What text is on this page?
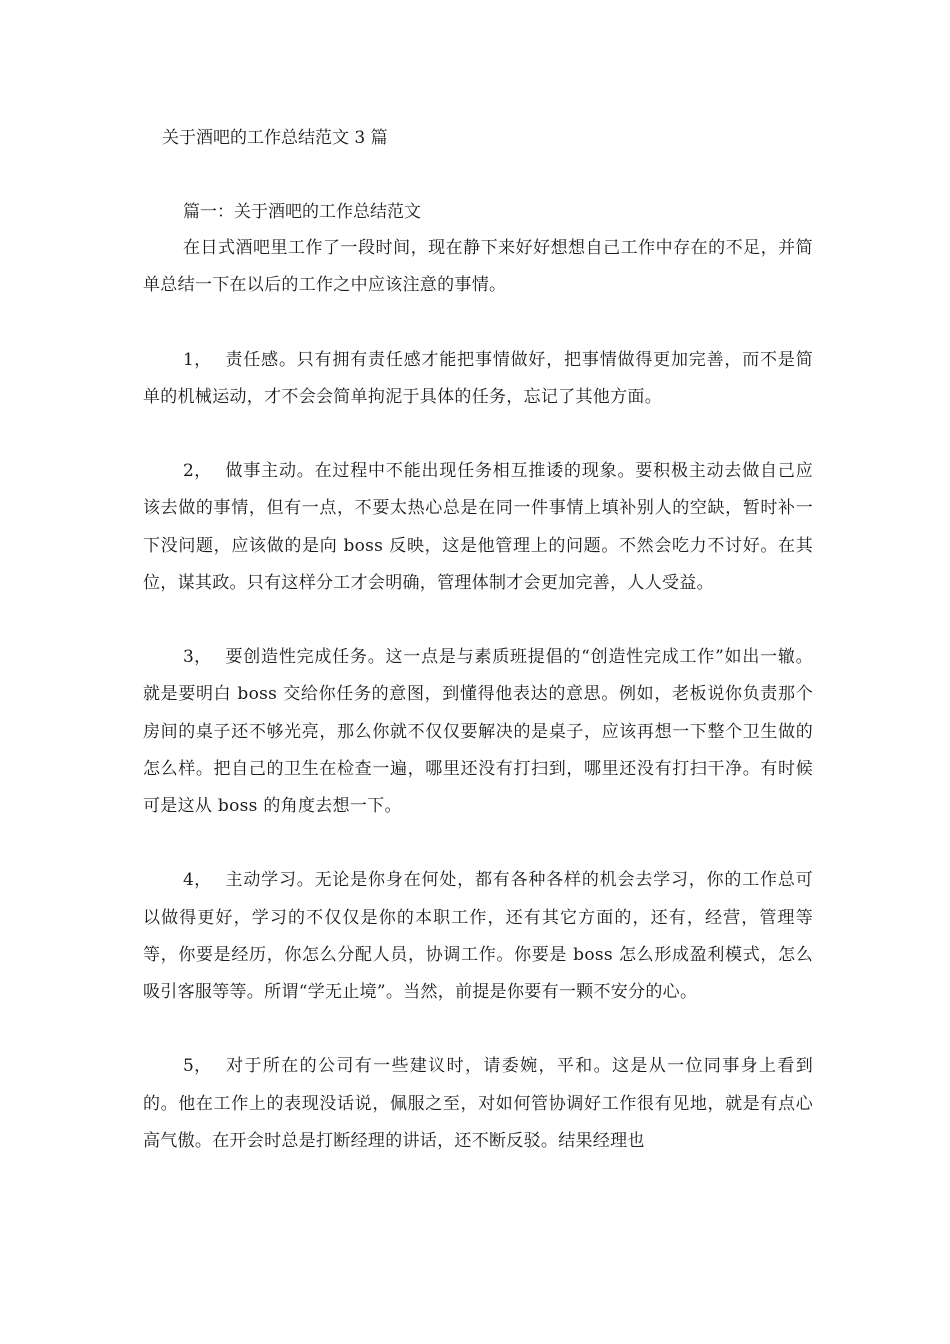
关于酒吧的工作总结范文 3 篇
篇一：关于酒吧的工作总结范文

在日式酒吧里工作了一段时间，现在静下来好好想想自己工作中存在的不足，并简单总结一下在以后的工作之中应该注意的事情。

1， 责任感。只有拥有责任感才能把事情做好，把事情做得更加完善，而不是简单的机械运动，才不会会简单拘泥于具体的任务，忘记了其他方面。

2， 做事主动。在过程中不能出现任务相互推诿的现象。要积极主动去做自己应该去做的事情，但有一点，不要太热心总是在同一件事情上填补别人的空缺，暂时补一下没问题，应该做的是向 boss 反映，这是他管理上的问题。不然会吃力不讨好。在其位，谋其政。只有这样分工才会明确，管理体制才会更加完善，人人受益。

3， 要创造性完成任务。这一点是与素质班提倡的“创造性完成工作”如出一辙。就是要明白 boss 交给你任务的意图，到懂得他表达的意思。例如，老板说你负责那个房间的桌子还不够光亮，那么你就不仅仅要解决的是桌子，应该再想一下整个卫生做的怎么样。把自己的卫生在检查一遍，哪里还没有打扫到，哪里还没有打扫干净。有时候可是这从 boss 的角度去想一下。

4， 主动学习。无论是你身在何处，都有各种各样的机会去学习，你的工作总可以做得更好，学习的不仅仅是你的本职工作，还有其它方面的，还有，经营，管理等等，你要是经历，你怎么分配人员，协调工作。你要是 boss 怎么形成盈利模式，怎么吸引客服等等。所谓“学无止境”。当然，前提是你要有一颗不安分的心。

5， 对于所在的公司有一些建议时，请委婉，平和。这是从一位同事身上看到的。他在工作上的表现没话说，佩服之至，对如何管协调好工作很有见地，就是有点心高气傲。在开会时总是打断经理的讲话，还不断反驳。结果经理也
